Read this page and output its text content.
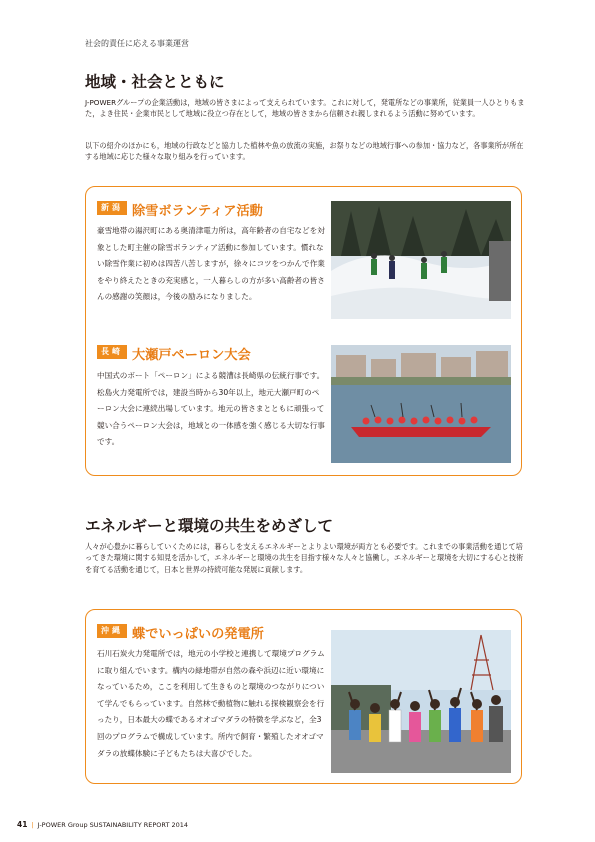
社会的責任に応える事業運営
地域・社会とともに

J-POWERグループの企業活動は，地域の皆さまによって支えられています。これに対して，発電所などの事業所，従業員一人ひとりもまた，よき住民・企業市民として地域に役立つ存在として，地域の皆さまから信頼され親しまれるよう活動に努めています。

以下の紹介のほかにも，地域の行政などと協力した植林や魚の放流の実施，お祭りなどの地域行事への参加・協力など，各事業所が所在する地域に応じた様々な取り組みを行っています。

新潟 除雪ボランティア活動
豪雪地帯の湯沢町にある奥清津電力所は，高年齢者の自宅などを対象とした町主催の除雪ボランティア活動に参加しています。慣れない除雪作業に初めは四苦八苦しますが，徐々にコツをつかんで作業をやり終えたときの充実感と，一人暮らしの方が多い高齢者の皆さんの感謝の笑顔は，今後の励みになりました。
長崎 大瀬戸ペーロン大会
中国式のボート「ペーロン」による競漕は長崎県の伝統行事です。松島火力発電所では，建設当時から30年以上，地元大瀬戸町のペーロン大会に連続出場しています。地元の皆さまとともに頑張って競い合うペーロン大会は，地域との一体感を強く感じる大切な行事です。
エネルギーと環境の共生をめざして

人々が心豊かに暮らしていくためには，暮らしを支えるエネルギーとよりよい環境が両方とも必要です。これまでの事業活動を通じて培ってきた環境に関する知見を活かして，エネルギーと環境の共生を目指す様々な人々と協働し，エネルギーと環境を大切にする心と技術を育てる活動を通じて，日本と世界の持続可能な発展に貢献します。

沖縄 蝶でいっぱいの発電所
石川石炭火力発電所では，地元の小学校と連携して環境プログラムに取り組んでいます。構内の緑地帯が自然の森や浜辺に近い環境になっているため，ここを利用して生きものと環境のつながりについて学んでもらっています。自然林で動植物に触れる探検観察会を行ったり，日本最大の蝶であるオオゴマダラの特徴を学ぶなど，全3回のプログラムで構成しています。所内で飼育・繁殖したオオゴマダラの放蝶体験に子どもたちは大喜びでした。
41 | J-POWER Group SUSTAINABILITY REPORT 2014
